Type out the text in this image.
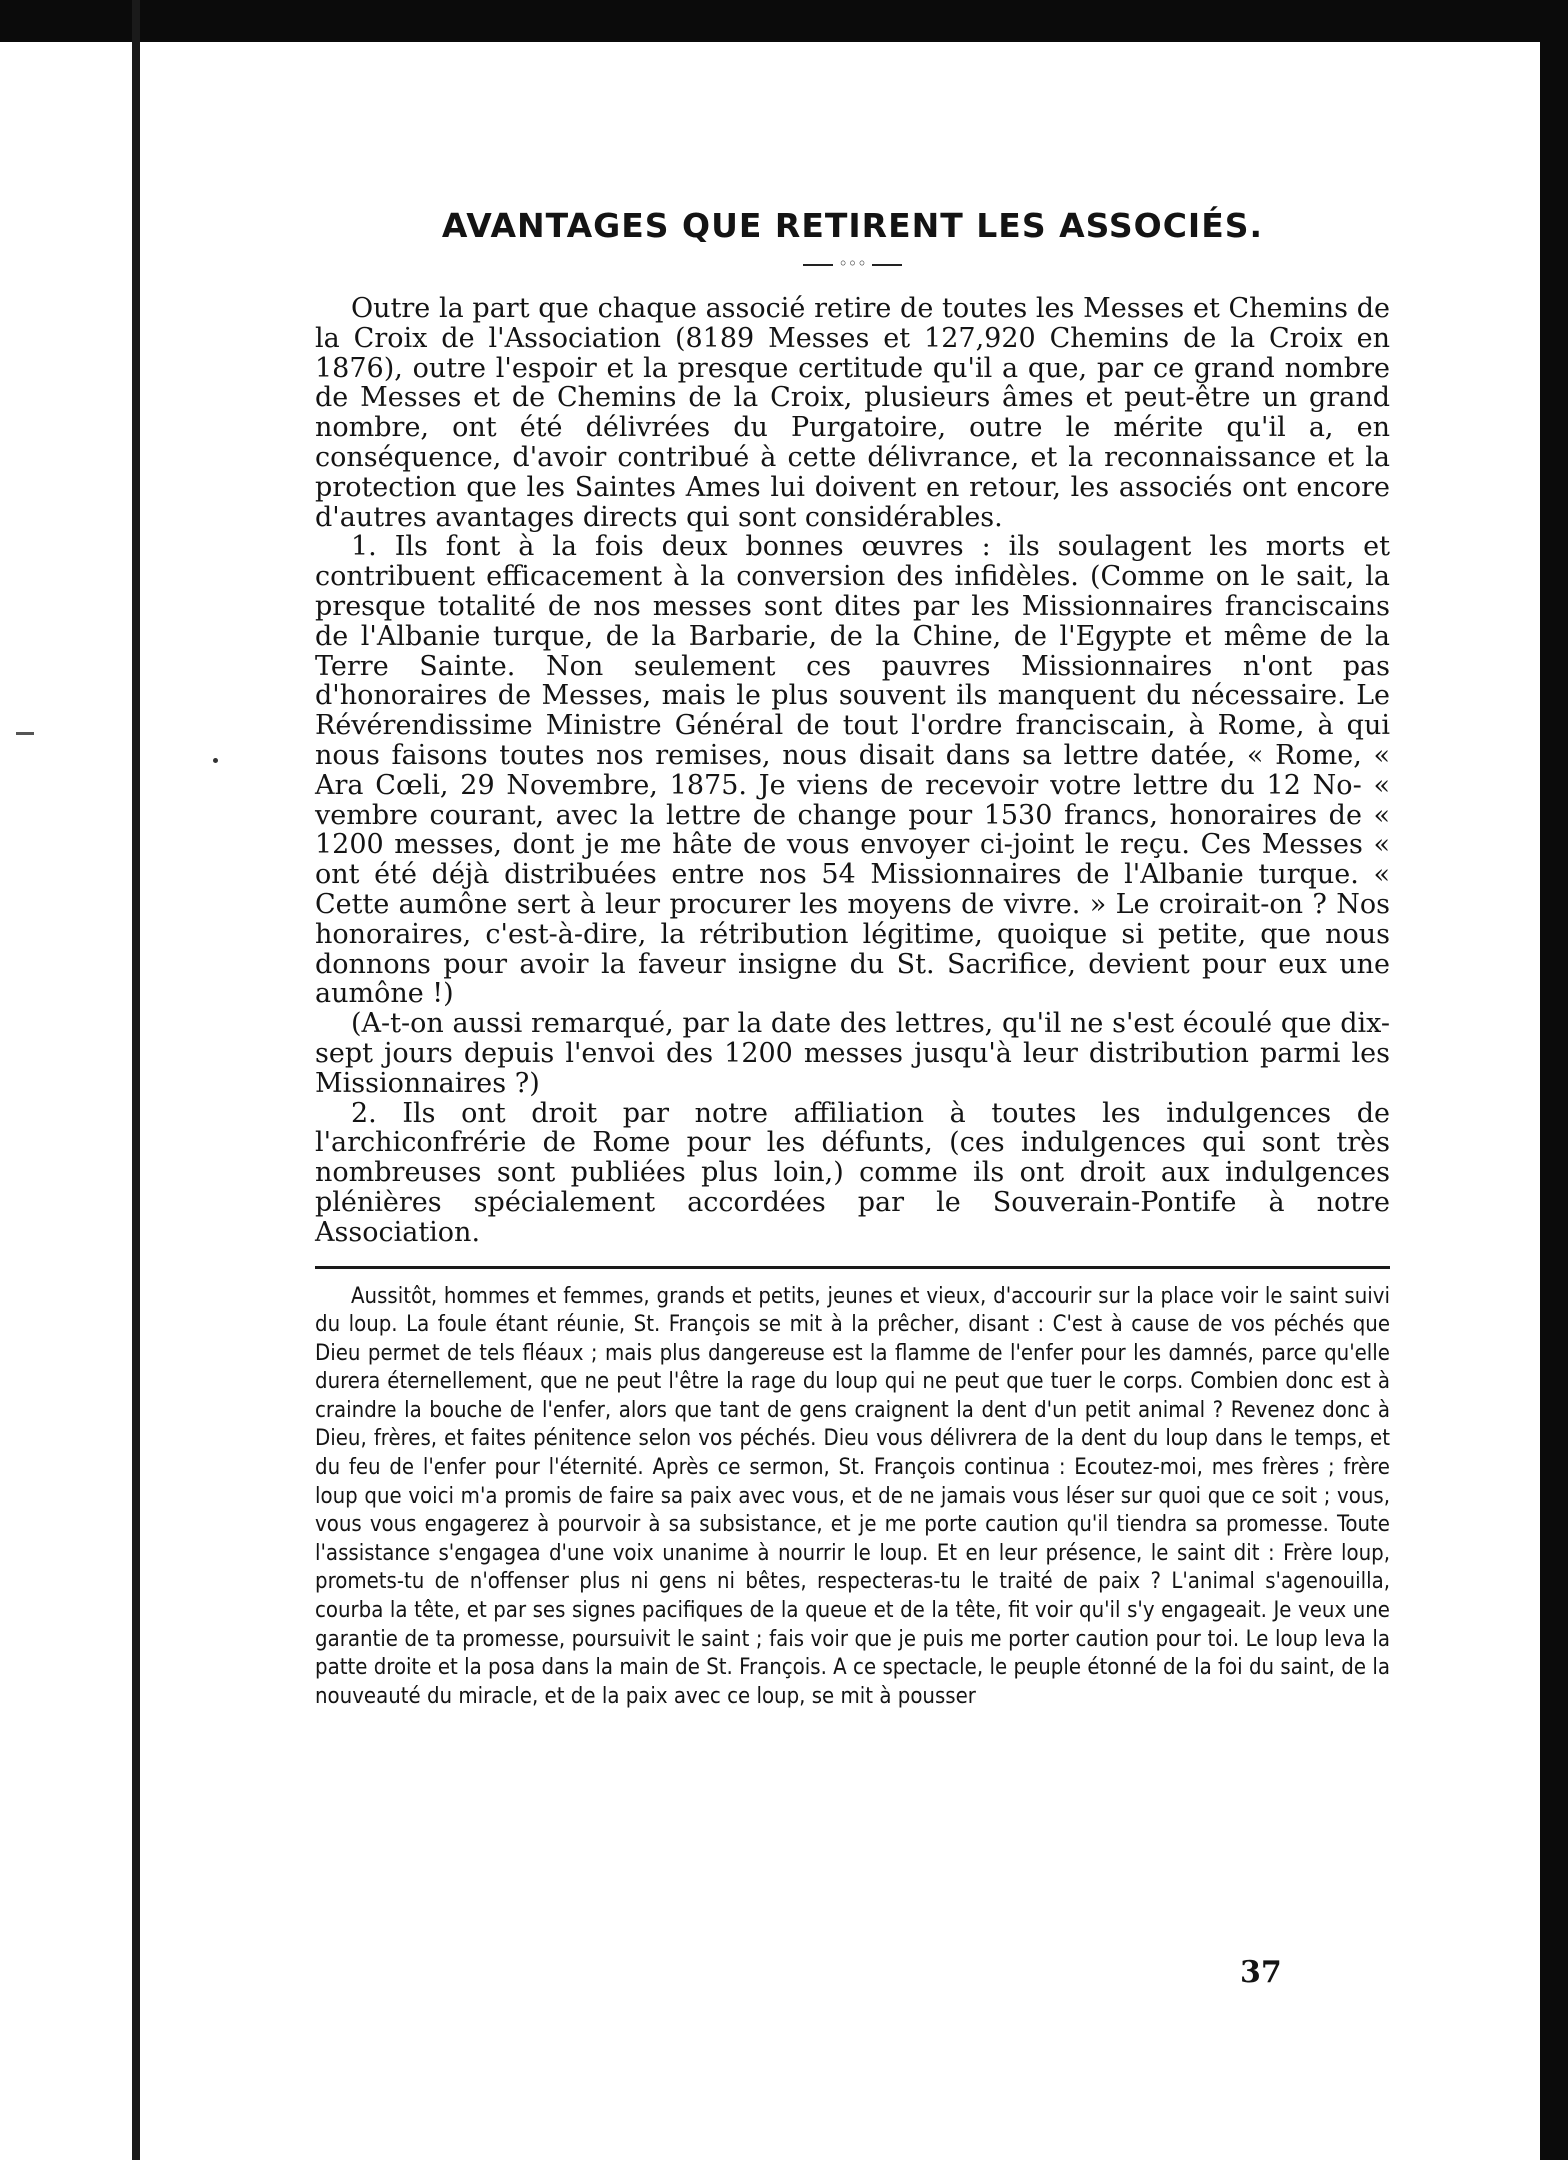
AVANTAGES QUE RETIRENT LES ASSOCIÉS.
◦◦◦

Outre la part que chaque associé retire de toutes les Messes et Chemins de la Croix de l'Association (8189 Messes et 127,920 Chemins de la Croix en 1876), outre l'espoir et la presque certitude qu'il a que, par ce grand nombre de Messes et de Chemins de la Croix, plusieurs âmes et peut-être un grand nombre, ont été délivrées du Purgatoire, outre le mérite qu'il a, en conséquence, d'avoir contribué à cette délivrance, et la reconnaissance et la protection que les Saintes Ames lui doivent en retour, les associés ont encore d'autres avantages directs qui sont considérables.

1. Ils font à la fois deux bonnes œuvres : ils soulagent les morts et contribuent efficacement à la conversion des infidèles. (Comme on le sait, la presque totalité de nos messes sont dites par les Missionnaires franciscains de l'Albanie turque, de la Barbarie, de la Chine, de l'Egypte et même de la Terre Sainte. Non seulement ces pauvres Missionnaires n'ont pas d'honoraires de Messes, mais le plus souvent ils manquent du nécessaire. Le Révérendissime Ministre Général de tout l'ordre franciscain, à Rome, à qui nous faisons toutes nos remises, nous disait dans sa lettre datée, « Rome, « Ara Cœli, 29 Novembre, 1875. Je viens de recevoir votre lettre du 12 No- « vembre courant, avec la lettre de change pour 1530 francs, honoraires de « 1200 messes, dont je me hâte de vous envoyer ci-joint le reçu. Ces Messes « ont été déjà distribuées entre nos 54 Missionnaires de l'Albanie turque. « Cette aumône sert à leur procurer les moyens de vivre. » Le croirait-on ? Nos honoraires, c'est-à-dire, la rétribution légitime, quoique si petite, que nous donnons pour avoir la faveur insigne du St. Sacrifice, devient pour eux une aumône !)

(A-t-on aussi remarqué, par la date des lettres, qu'il ne s'est écoulé que dix-sept jours depuis l'envoi des 1200 messes jusqu'à leur distribution parmi les Missionnaires ?)

2. Ils ont droit par notre affiliation à toutes les indulgences de l'archiconfrérie de Rome pour les défunts, (ces indulgences qui sont très nombreuses sont publiées plus loin,) comme ils ont droit aux indulgences plénières spécialement accordées par le Souverain-Pontife à notre Association.

Aussitôt, hommes et femmes, grands et petits, jeunes et vieux, d'accourir sur la place voir le saint suivi du loup. La foule étant réunie, St. François se mit à la prêcher, disant : C'est à cause de vos péchés que Dieu permet de tels fléaux ; mais plus dangereuse est la flamme de l'enfer pour les damnés, parce qu'elle durera éternellement, que ne peut l'être la rage du loup qui ne peut que tuer le corps. Combien donc est à craindre la bouche de l'enfer, alors que tant de gens craignent la dent d'un petit animal ? Revenez donc à Dieu, frères, et faites pénitence selon vos péchés. Dieu vous délivrera de la dent du loup dans le temps, et du feu de l'enfer pour l'éternité. Après ce sermon, St. François continua : Ecoutez-moi, mes frères ; frère loup que voici m'a promis de faire sa paix avec vous, et de ne jamais vous léser sur quoi que ce soit ; vous, vous vous engagerez à pourvoir à sa subsistance, et je me porte caution qu'il tiendra sa promesse. Toute l'assistance s'engagea d'une voix unanime à nourrir le loup. Et en leur présence, le saint dit : Frère loup, promets-tu de n'offenser plus ni gens ni bêtes, respecteras-tu le traité de paix ? L'animal s'agenouilla, courba la tête, et par ses signes pacifiques de la queue et de la tête, fit voir qu'il s'y engageait. Je veux une garantie de ta promesse, poursuivit le saint ; fais voir que je puis me porter caution pour toi. Le loup leva la patte droite et la posa dans la main de St. François. A ce spectacle, le peuple étonné de la foi du saint, de la nouveauté du miracle, et de la paix avec ce loup, se mit à pousser

37
